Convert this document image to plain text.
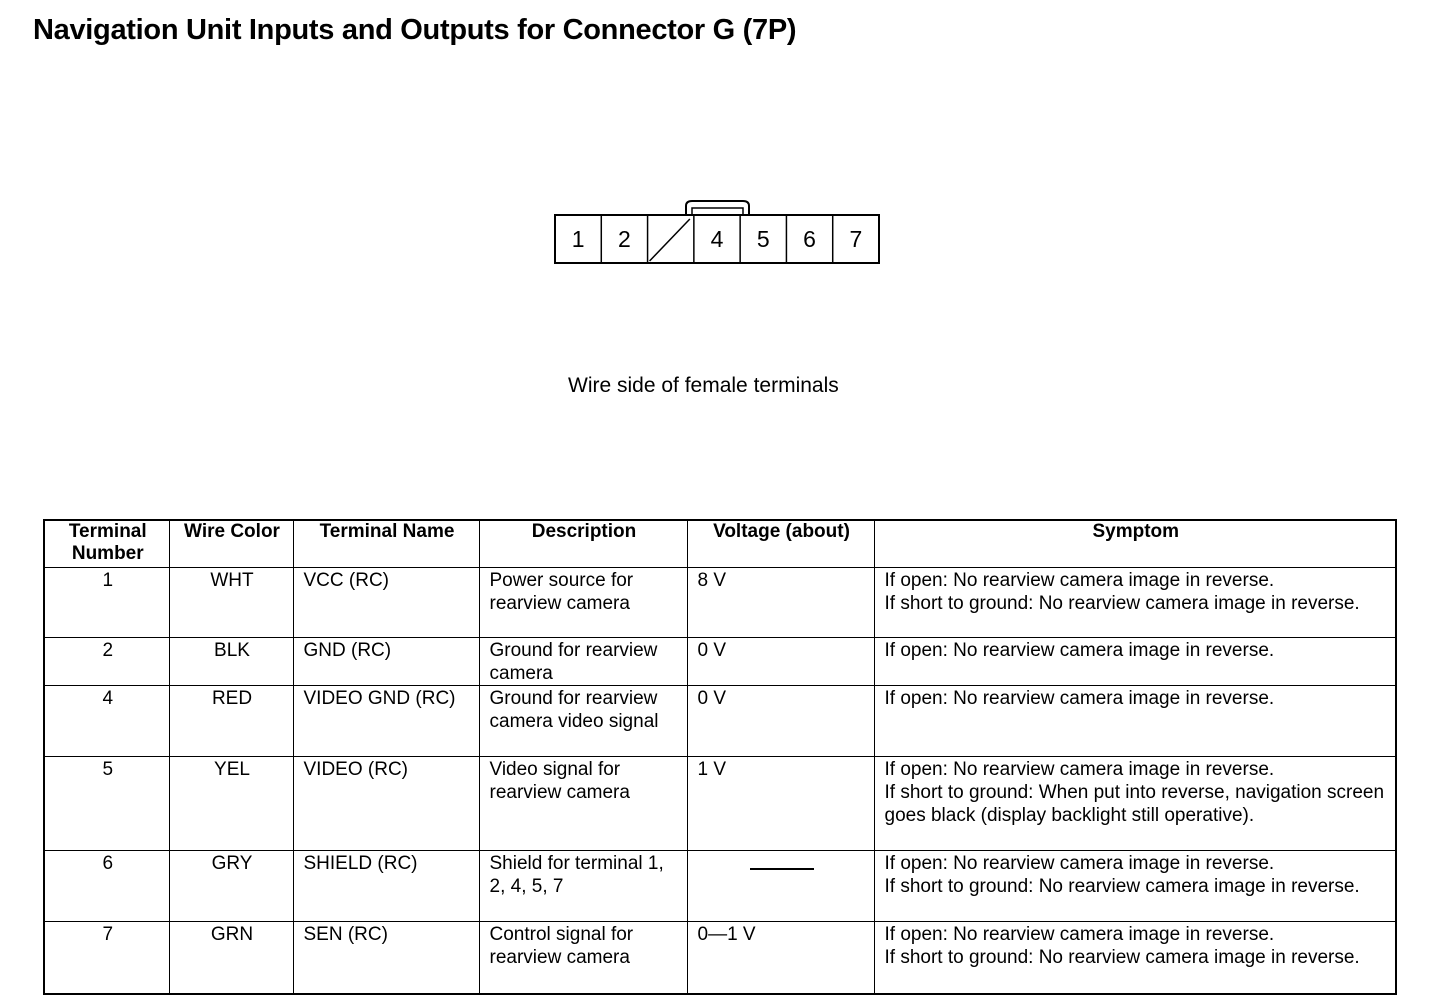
Navigation Unit Inputs and Outputs for Connector G (7P)
1 2	4 5 6 7
Wire side of female terminals
Terminal Number	Wire Color	Terminal Name	Description	Voltage (about)	Symptom
1	WHT	VCC (RC)	Power source for rearview camera	8 V	If open: No rearview camera image in reverse.
If short to ground: No rearview camera image in reverse.
2	BLK	GND (RC)	Ground for rearview camera	0 V	If open: No rearview camera image in reverse.
4	RED	VIDEO GND (RC)	Ground for rearview camera video signal	0 V	If open: No rearview camera image in reverse.
5	YEL	VIDEO (RC)	Video signal for rearview camera	1 V	If open: No rearview camera image in reverse.
If short to ground: When put into reverse, navigation screen goes black (display backlight still operative).
6	GRY	SHIELD (RC)	Shield for terminal 1, 2, 4, 5, 7		If open: No rearview camera image in reverse.
If short to ground: No rearview camera image in reverse.
7	GRN	SEN (RC)	Control signal for rearview camera	0—1 V	If open: No rearview camera image in reverse.
If short to ground: No rearview camera image in reverse.
